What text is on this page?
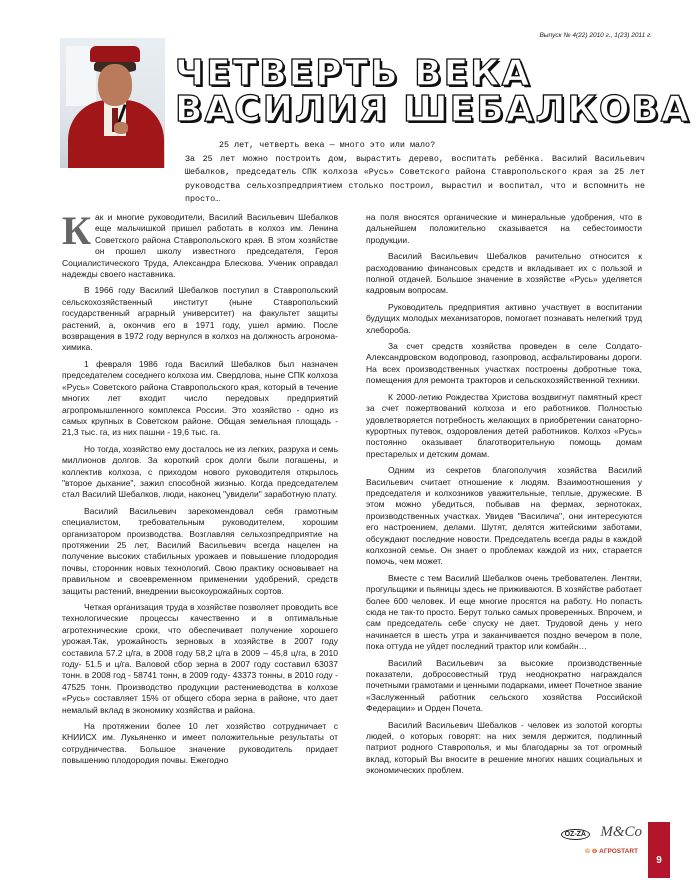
Выпуск № 4(22) 2010 г., 1(23) 2011 г.
ЧЕТВЕРТЬ ВЕКА
ВАСИЛИЯ ШЕБАЛКОВА
25 лет, четверть века — много это или мало?
За 25 лет можно построить дом, вырастить дерево, воспитать ребёнка. Василий Васильевич Шебалков, председатель СПК колхоза «Русь» Советского района Ставропольского края за 25 лет руководства сельхозпредприятием столько построил, вырастил и воспитал, что и вспомнить не просто…

Как и многие руководители, Василий Васильевич Шебалков еще мальчишкой пришел работать в колхоз им. Ленина Советского района Ставропольского края. В этом хозяйстве он прошел школу известного председателя, Героя Социалистического Труда, Александра Блескова. Ученик оправдал надежды своего наставника.

В 1966 году Василий Шебалков поступил в Ставропольский сельскохозяйственный институт (ныне Ставропольский государственный аграрный университет) на факультет защиты растений, а, окончив его в 1971 году, ушел армию. После возвращения в 1972 году вернулся в колхоз на должность агронома-химика.

1 февраля 1986 года Василий Шебалков был назначен председателем соседнего колхоза им. Свердлова, ныне СПК колхоза «Русь» Советского района Ставропольского края, который в течение многих лет входит число передовых предприятий агропромышленного комплекса России. Это хозяйство - одно из самых крупных в Советском районе. Общая земельная площадь - 21,3 тыс. га, из них пашни - 19,6 тыс. га.

Но тогда, хозяйство ему досталось не из легких, разруха и семь миллионов долгов. За короткий срок долги были погашены, и коллектив колхоза, с приходом нового руководителя открылось "второе дыхание", зажил способной жизнью. Когда председателем стал Василий Шебалков, люди, наконец "увидели" заработную плату.

Василий Васильевич зарекомендовал себя грамотным специалистом, требовательным руководителем, хорошим организатором производства. Возглавляя сельхозпредприятие на протяжении 25 лет, Василий Васильевич всегда нацелен на получение высоких стабильных урожаев и повышение плодородия почвы, сторонник новых технологий. Свою практику основывает на правильном и своевременном применении удобрений, средств защиты растений, внедрении высокоурожайных сортов.

Четкая организация труда в хозяйстве позволяет проводить все технологические процессы качественно и в оптимальные агротехнические сроки, что обеспечивает получение хорошего урожая.Так, урожайность зерновых в хозяйстве в 2007 году составила 57.2 ц/га, в 2008 году 58,2 ц/га в 2009 – 45,8 ц/га, в 2010 году- 51.5 и ц/га. Валовой сбор зерна в 2007 году составил 63037 тонн. в 2008 год - 58741 тонн, в 2009 году- 43373 тонны, в 2010 году - 47525 тонн. Производство продукции растениеводства в колхозе «Русь» составляет 15% от общего сбора зерна в районе, что дает немалый вклад в экономику хозяйства и района.

На протяжении более 10 лет хозяйство сотрудничает с КНИИСХ им. Лукьяненко и имеет положительные результаты от сотрудничества. Большое значение руководитель придает повышению плодородия почвы. Ежегодно

на поля вносятся органические и минеральные удобрения, что в дальнейшем положительно сказывается на себестоимости продукции.

Василий Васильевич Шебалков рачительно относится к расходованию финансовых средств и вкладывает их с пользой и полной отдачей. Большое значение в хозяйстве «Русь» уделяется кадровым вопросам.

Руководитель предприятия активно участвует в воспитании будущих молодых механизаторов, помогает познавать нелегкий труд хлебороба.

За счет средств хозяйства проведен в селе Солдато-Александровском водопровод, газопровод, асфальтированы дороги. На всех производственных участках построены добротные тока, помещения для ремонта тракторов и сельскохозяйственной техники.

К 2000-летию Рождества Христова воздвигнут памятный крест за счет пожертвований колхоза и его работников. Полностью удовлетворяется потребность желающих в приобретении санаторно-курортных путевок, оздоровления детей работников. Колхоз «Русь» постоянно оказывает благотворительную помощь домам престарелых и детским домам.

Одним из секретов благополучия хозяйства Василий Васильевич считает отношение к людям. Взаимоотношения у председателя и колхозников уважительные, теплые, дружеские. В этом можно убедиться, побывав на фермах, зернотоках, производственных участках. Увидев "Василича", они интересуются его настроением, делами. Шутят, делятся житейскими заботами, обсуждают последние новости. Председатель всегда рады в каждой колхозной семье. Он знает о проблемах каждой из них, старается помочь, чем может.

Вместе с тем Василий Шебалков очень требователен. Лентяи, прогульщики и пьяницы здесь не приживаются. В хозяйстве работает более 600 человек. И еще многие просятся на работу. Но попасть сюда не так-то просто. Берут только самых проверенных. Впрочем, и сам председатель себе спуску не дает. Трудовой день у него начинается в шесть утра и заканчивается поздно вечером в поле, пока оттуда не уйдет последний трактор или комбайн…

Василий Васильевич за высокие производственные показатели, добросовестный труд неоднократно награждался почетными грамотами и ценными подарками, имеет Почетное звание «Заслуженный работник сельского хозяйства Российской Федерации» и Орден Почета.

Василий Васильевич Шебалков - человек из золотой когорты людей, о которых говорят: на них земля держится, подлинный патриот родного Ставрополья, и мы благодарны за тот огромный вклад, который Вы вносите в решение многих наших социальных и экономических проблем.

OZ-ZA M&Co
© ⊖ АГРОSTART
9
